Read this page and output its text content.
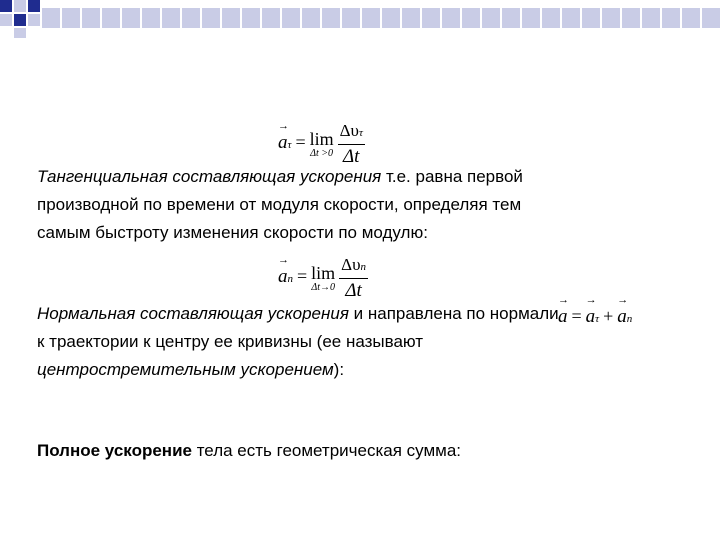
→ aτ = lim
Δt >0
$\frac{\text{Δυτ}}{\Delta t}$
Тангенциальная составляющая ускорения т.е. равна первой
производной по времени от модуля скорости, определяя тем
самым быстроту изменения скорости по модулю:
→ an = lim
Δt→0
$\frac{\text{Δυn}}{\Delta t}$
Нормальная составляющая ускорения и направлена по нормали
к траектории к центру ее кривизны (ее называют
центростремительным ускорением):
→ a = → aτ + → an
Полное ускорение тела есть геометрическая сумма:
